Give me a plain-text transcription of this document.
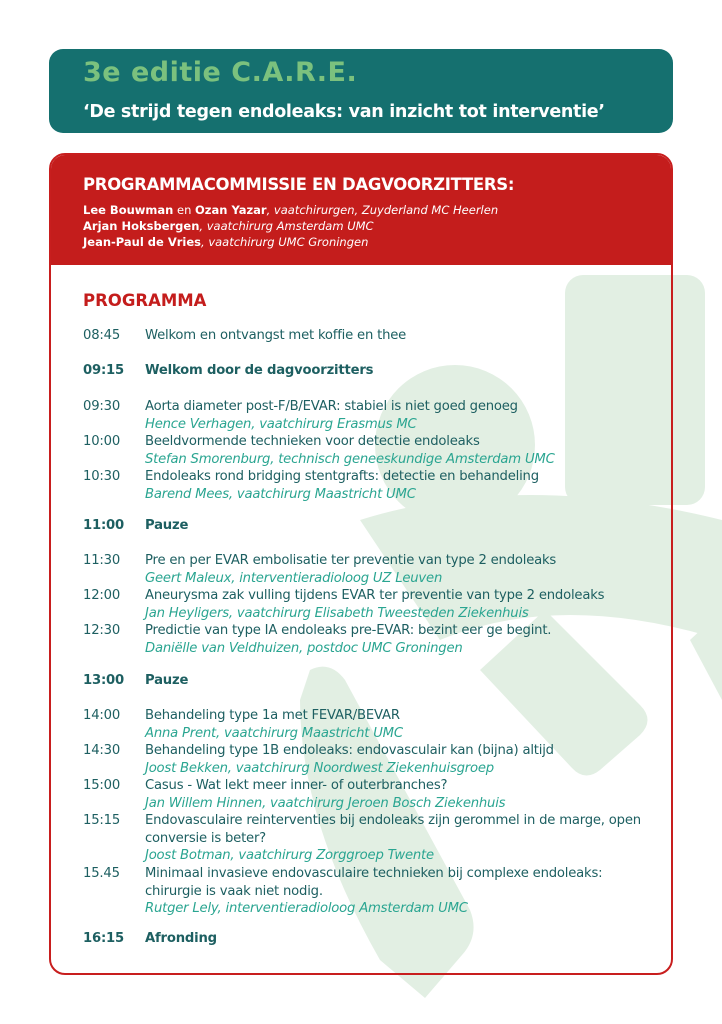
3e editie C.A.R.E.
‘De strijd tegen endoleaks: van inzicht tot interventie’
PROGRAMMACOMMISSIE EN DAGVOORZITTERS:
Lee Bouwman en Ozan Yazar, vaatchirurgen, Zuyderland MC Heerlen
Arjan Hoksbergen, vaatchirurg Amsterdam UMC
Jean-Paul de Vries, vaatchirurg UMC Groningen
PROGRAMMA
08:45	Welkom en ontvangst met koffie en thee
09:15	Welkom door de dagvoorzitters
09:30	Aorta diameter post-F/B/EVAR: stabiel is niet goed genoeg
Hence Verhagen, vaatchirurg Erasmus MC
10:00	Beeldvormende technieken voor detectie endoleaks
Stefan Smorenburg, technisch geneeskundige Amsterdam UMC
10:30	Endoleaks rond bridging stentgrafts: detectie en behandeling
Barend Mees, vaatchirurg Maastricht UMC
11:00	Pauze
11:30	Pre en per EVAR embolisatie ter preventie van type 2 endoleaks
Geert Maleux, interventieradioloog UZ Leuven
12:00	Aneurysma zak vulling tijdens EVAR ter preventie van type 2 endoleaks
Jan Heyligers, vaatchirurg Elisabeth Tweesteden Ziekenhuis
12:30	Predictie van type IA endoleaks pre-EVAR: bezint eer ge begint.
Daniëlle van Veldhuizen, postdoc UMC Groningen
13:00	Pauze
14:00	Behandeling type 1a met FEVAR/BEVAR
Anna Prent, vaatchirurg Maastricht UMC
14:30	Behandeling type 1B endoleaks: endovasculair kan (bijna) altijd
Joost Bekken, vaatchirurg Noordwest Ziekenhuisgroep
15:00	Casus - Wat lekt meer inner- of outerbranches?
Jan Willem Hinnen, vaatchirurg Jeroen Bosch Ziekenhuis
15:15	Endovasculaire reinterventies bij endoleaks zijn gerommel in de marge, open conversie is beter?
Joost Botman, vaatchirurg Zorggroep Twente
15.45	Minimaal invasieve endovasculaire technieken bij complexe endoleaks: chirurgie is vaak niet nodig.
Rutger Lely, interventieradioloog Amsterdam UMC
16:15	Afronding
